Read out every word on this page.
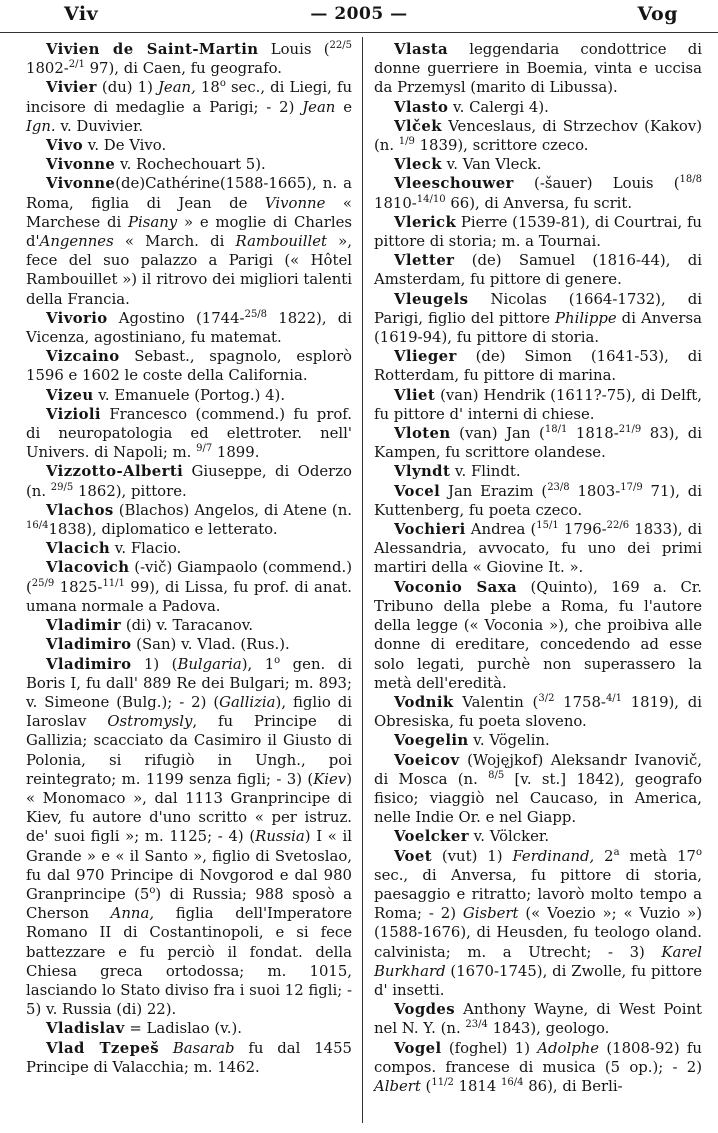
Viv	— 2005 —	Vog

Vivien de Saint-Martin Louis ($^{22/5}$ 1802-$^{2/1}$ 97), di Caen, fu geografo.

Vivier (du) 1) Jean, 18$^o$ sec., di Liegi, fu incisore di medaglie a Parigi; - 2) Jean e Ign. v. Duvivier.

Vivo v. De Vivo.

Vivonne v. Rochechouart 5).

Vivonne(de)Cathérine(1588-1665), n. a Roma, figlia di Jean de Vivonne « Marchese di Pisany » e moglie di Charles d'Angennes « March. di Rambouillet », fece del suo palazzo a Parigi (« Hôtel Rambouillet ») il ritrovo dei migliori talenti della Francia.

Vivorio Agostino (1744-$^{25/8}$ 1822), di Vicenza, agostiniano, fu matemat.

Vizcaino Sebast., spagnolo, esplorò 1596 e 1602 le coste della California.

Vizeu v. Emanuele (Portog.) 4).

Vizioli Francesco (commend.) fu prof. di neuropatologia ed elettroter. nell' Univers. di Napoli; m. $^{9/7}$ 1899.

Vizzotto-Alberti Giuseppe, di Oderzo (n. $^{29/5}$ 1862), pittore.

Vlachos (Blachos) Angelos, di Atene (n. $^{16/4}$1838), diplomatico e letterato.

Vlacich v. Flacio.

Vlacovich (-vič) Giampaolo (commend.) ($^{25/9}$ 1825-$^{11/1}$ 99), di Lissa, fu prof. di anat. umana normale a Padova.

Vladimir (di) v. Taracanov.

Vladimiro (San) v. Vlad. (Rus.).

Vladimiro 1) (Bulgaria), 1$^o$ gen. di Boris I, fu dall' 889 Re dei Bulgari; m. 893; v. Simeone (Bulg.); - 2) (Gallizia), figlio di Iaroslav Ostromysly, fu Principe di Gallizia; scacciato da Casimiro il Giusto di Polonia, si rifugiò in Ungh., poi reintegrato; m. 1199 senza figli; - 3) (Kiev) « Monomaco », dal 1113 Granprincipe di Kiev, fu autore d'uno scritto « per istruz. de' suoi figli »; m. 1125; - 4) (Russia) I « il Grande » e « il Santo », figlio di Svetoslao, fu dal 970 Principe di Novgorod e dal 980 Granprincipe (5$^o$) di Russia; 988 sposò a Cherson Anna, figlia dell'Imperatore Romano II di Costantinopoli, e si fece battezzare e fu perciò il fondat. della Chiesa greca ortodossa; m. 1015, lasciando lo Stato diviso fra i suoi 12 figli; - 5) v. Russia (di) 22).

Vladislav = Ladislao (v.).

Vlad Tzepeš Basarab fu dal 1455 Principe di Valacchia; m. 1462.

Vlasta leggendaria condottrice di donne guerriere in Boemia, vinta e uccisa da Przemysl (marito di Libussa).

Vlasto v. Calergi 4).

Vlček Venceslaus, di Strzechov (Kakov) (n. $^{1/9}$ 1839), scrittore czeco.

Vleck v. Van Vleck.

Vleeschouwer (-šauer) Louis ($^{18/8}$ 1810-$^{14/10}$ 66), di Anversa, fu scrit.

Vlerick Pierre (1539-81), di Courtrai, fu pittore di storia; m. a Tournai.

Vletter (de) Samuel (1816-44), di Amsterdam, fu pittore di genere.

Vleugels Nicolas (1664-1732), di Parigi, figlio del pittore Philippe di Anversa (1619-94), fu pittore di storia.

Vlieger (de) Simon (1641-53), di Rotterdam, fu pittore di marina.

Vliet (van) Hendrik (1611?-75), di Delft, fu pittore d' interni di chiese.

Vloten (van) Jan ($^{18/1}$ 1818-$^{21/9}$ 83), di Kampen, fu scrittore olandese.

Vlyndt v. Flindt.

Vocel Jan Erazim ($^{23/8}$ 1803-$^{17/9}$ 71), di Kuttenberg, fu poeta czeco.

Vochieri Andrea ($^{15/1}$ 1796-$^{22/6}$ 1833), di Alessandria, avvocato, fu uno dei primi martiri della « Giovine It. ».

Voconio Saxa (Quinto), 169 a. Cr. Tribuno della plebe a Roma, fu l'autore della legge (« Voconia »), che proibiva alle donne di ereditare, concedendo ad esse solo legati, purchè non superassero la metà dell'eredità.

Vodnik Valentin ($^{3/2}$ 1758-$^{4/1}$ 1819), di Obresiska, fu poeta sloveno.

Voegelin v. Vögelin.

Voeicov (Wojęjkof) Aleksandr Ivanovič, di Mosca (n. $^{8/5}$ [v. st.] 1842), geografo fisico; viaggiò nel Caucaso, in America, nelle Indie Or. e nel Giapp.

Voelcker v. Völcker.

Voet (vut) 1) Ferdinand, 2$^a$ metà 17$^o$ sec., di Anversa, fu pittore di storia, paesaggio e ritratto; lavorò molto tempo a Roma; - 2) Gisbert (« Voezio »; « Vuzio ») (1588-1676), di Heusden, fu teologo oland. calvinista; m. a Utrecht; - 3) Karel Burkhard (1670-1745), di Zwolle, fu pittore d' insetti.

Vogdes Anthony Wayne, di West Point nel N. Y. (n. $^{23/4}$ 1843), geologo.

Vogel (foghel) 1) Adolphe (1808-92) fu compos. francese di musica (5 op.); - 2) Albert ($^{11/2}$ 1814 $^{16/4}$ 86), di Berli-
